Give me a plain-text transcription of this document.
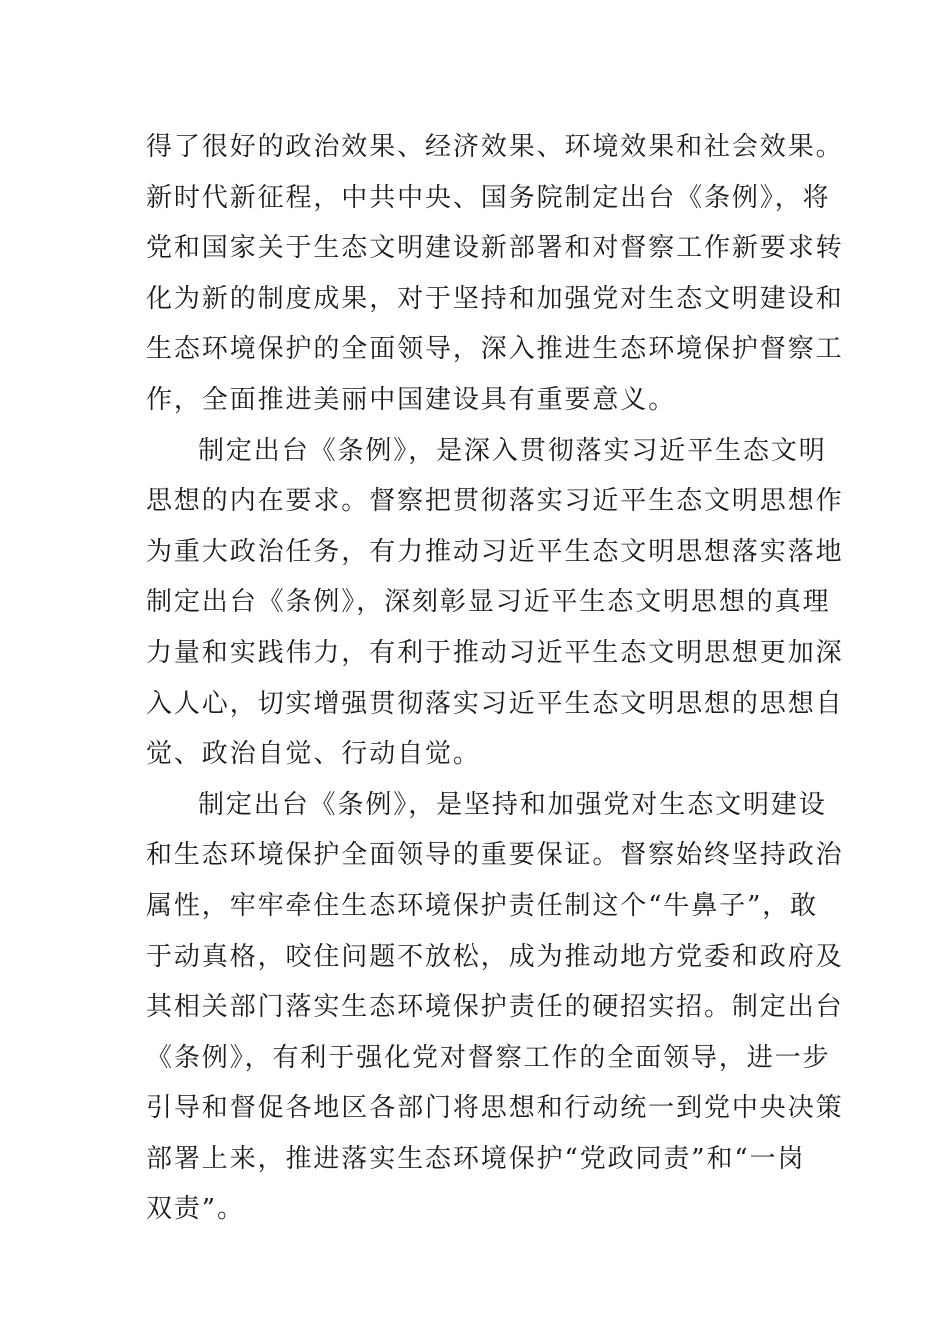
得了很好的政治效果、经济效果、环境效果和社会效果。
新时代新征程，中共中央、国务院制定出台《条例》，将
党和国家关于生态文明建设新部署和对督察工作新要求转
化为新的制度成果，对于坚持和加强党对生态文明建设和
生态环境保护的全面领导，深入推进生态环境保护督察工
作，全面推进美丽中国建设具有重要意义。
制定出台《条例》，是深入贯彻落实习近平生态文明
思想的内在要求。督察把贯彻落实习近平生态文明思想作
为重大政治任务，有力推动习近平生态文明思想落实落地
制定出台《条例》，深刻彰显习近平生态文明思想的真理
力量和实践伟力，有利于推动习近平生态文明思想更加深
入人心，切实增强贯彻落实习近平生态文明思想的思想自
觉、政治自觉、行动自觉。
制定出台《条例》，是坚持和加强党对生态文明建设
和生态环境保护全面领导的重要保证。督察始终坚持政治
属性，牢牢牵住生态环境保护责任制这个“牛鼻子”，敢
于动真格，咬住问题不放松，成为推动地方党委和政府及
其相关部门落实生态环境保护责任的硬招实招。制定出台
《条例》，有利于强化党对督察工作的全面领导，进一步
引导和督促各地区各部门将思想和行动统一到党中央决策
部署上来，推进落实生态环境保护“党政同责”和“一岗
双责”。
